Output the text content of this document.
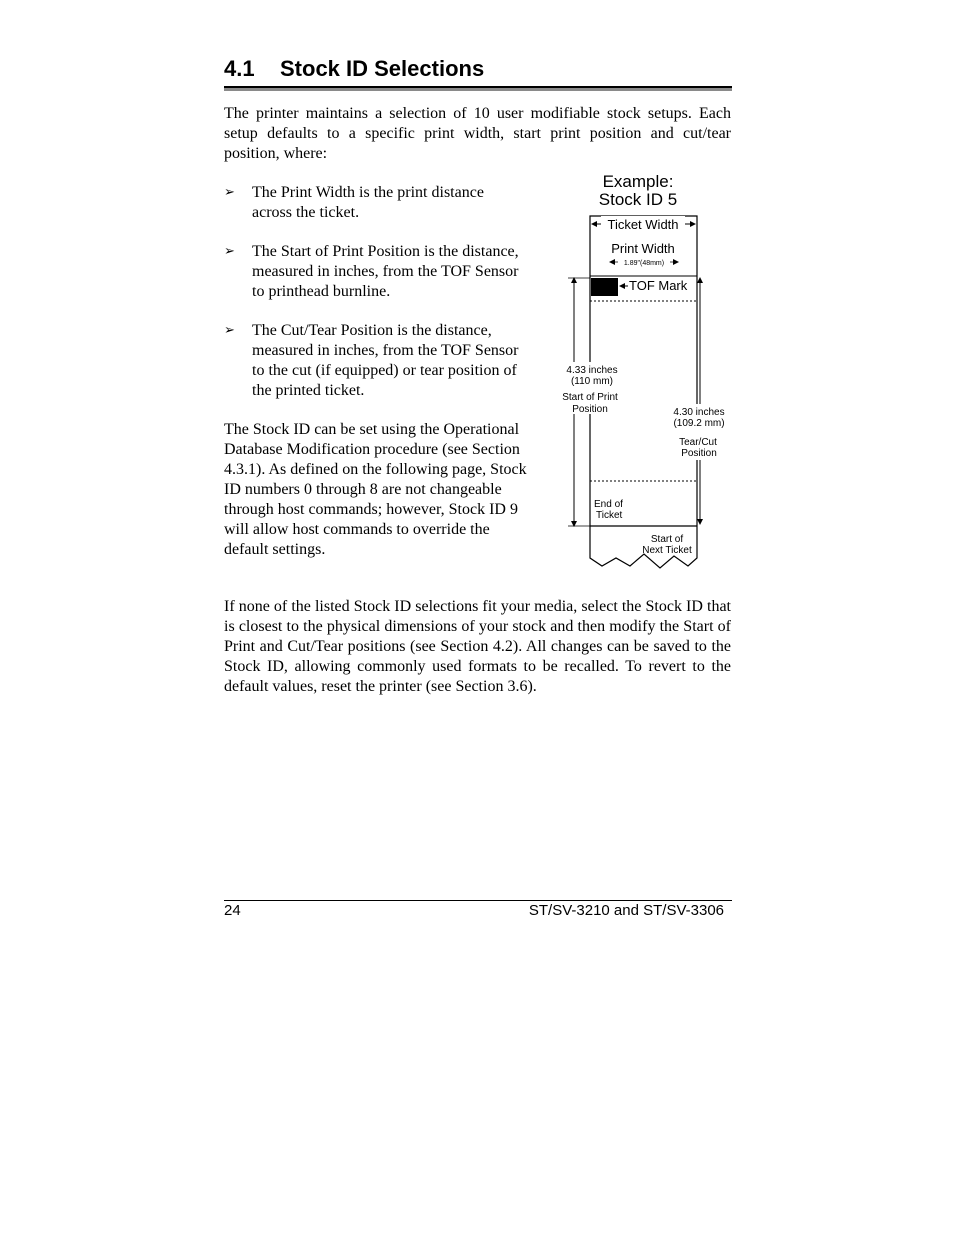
4.1 Stock ID Selections

The printer maintains a selection of 10 user modifiable stock setups. Each setup defaults to a specific print width, start print position and cut/tear position, where:

➢ The Print Width is the print distance across the ticket.
➢ The Start of Print Position is the distance, measured in inches, from the TOF Sensor to printhead burnline.
➢ The Cut/Tear Position is the distance, measured in inches, from the TOF Sensor to the cut (if equipped) or tear position of the printed ticket.

The Stock ID can be set using the Operational Database Modification procedure (see Section 4.3.1). As defined on the following page, Stock ID numbers 0 through 8 are not changeable through host commands; however, Stock ID 9 will allow host commands to override the default settings.

Example:
Stock ID 5
Ticket Width
Print Width
1.89"(48mm)
TOF Mark
4.33 inches
(110 mm)
Start of Print
Position	4.30 inches
(109.2 mm)
Tear/Cut
Position
End of
Ticket
Start of
Next Ticket

If none of the listed Stock ID selections fit your media, select the Stock ID that is closest to the physical dimensions of your stock and then modify the Start of Print and Cut/Tear positions (see Section 4.2). All changes can be saved to the Stock ID, allowing commonly used formats to be recalled. To revert to the default values, reset the printer (see Section 3.6).

24	ST/SV-3210 and ST/SV-3306
